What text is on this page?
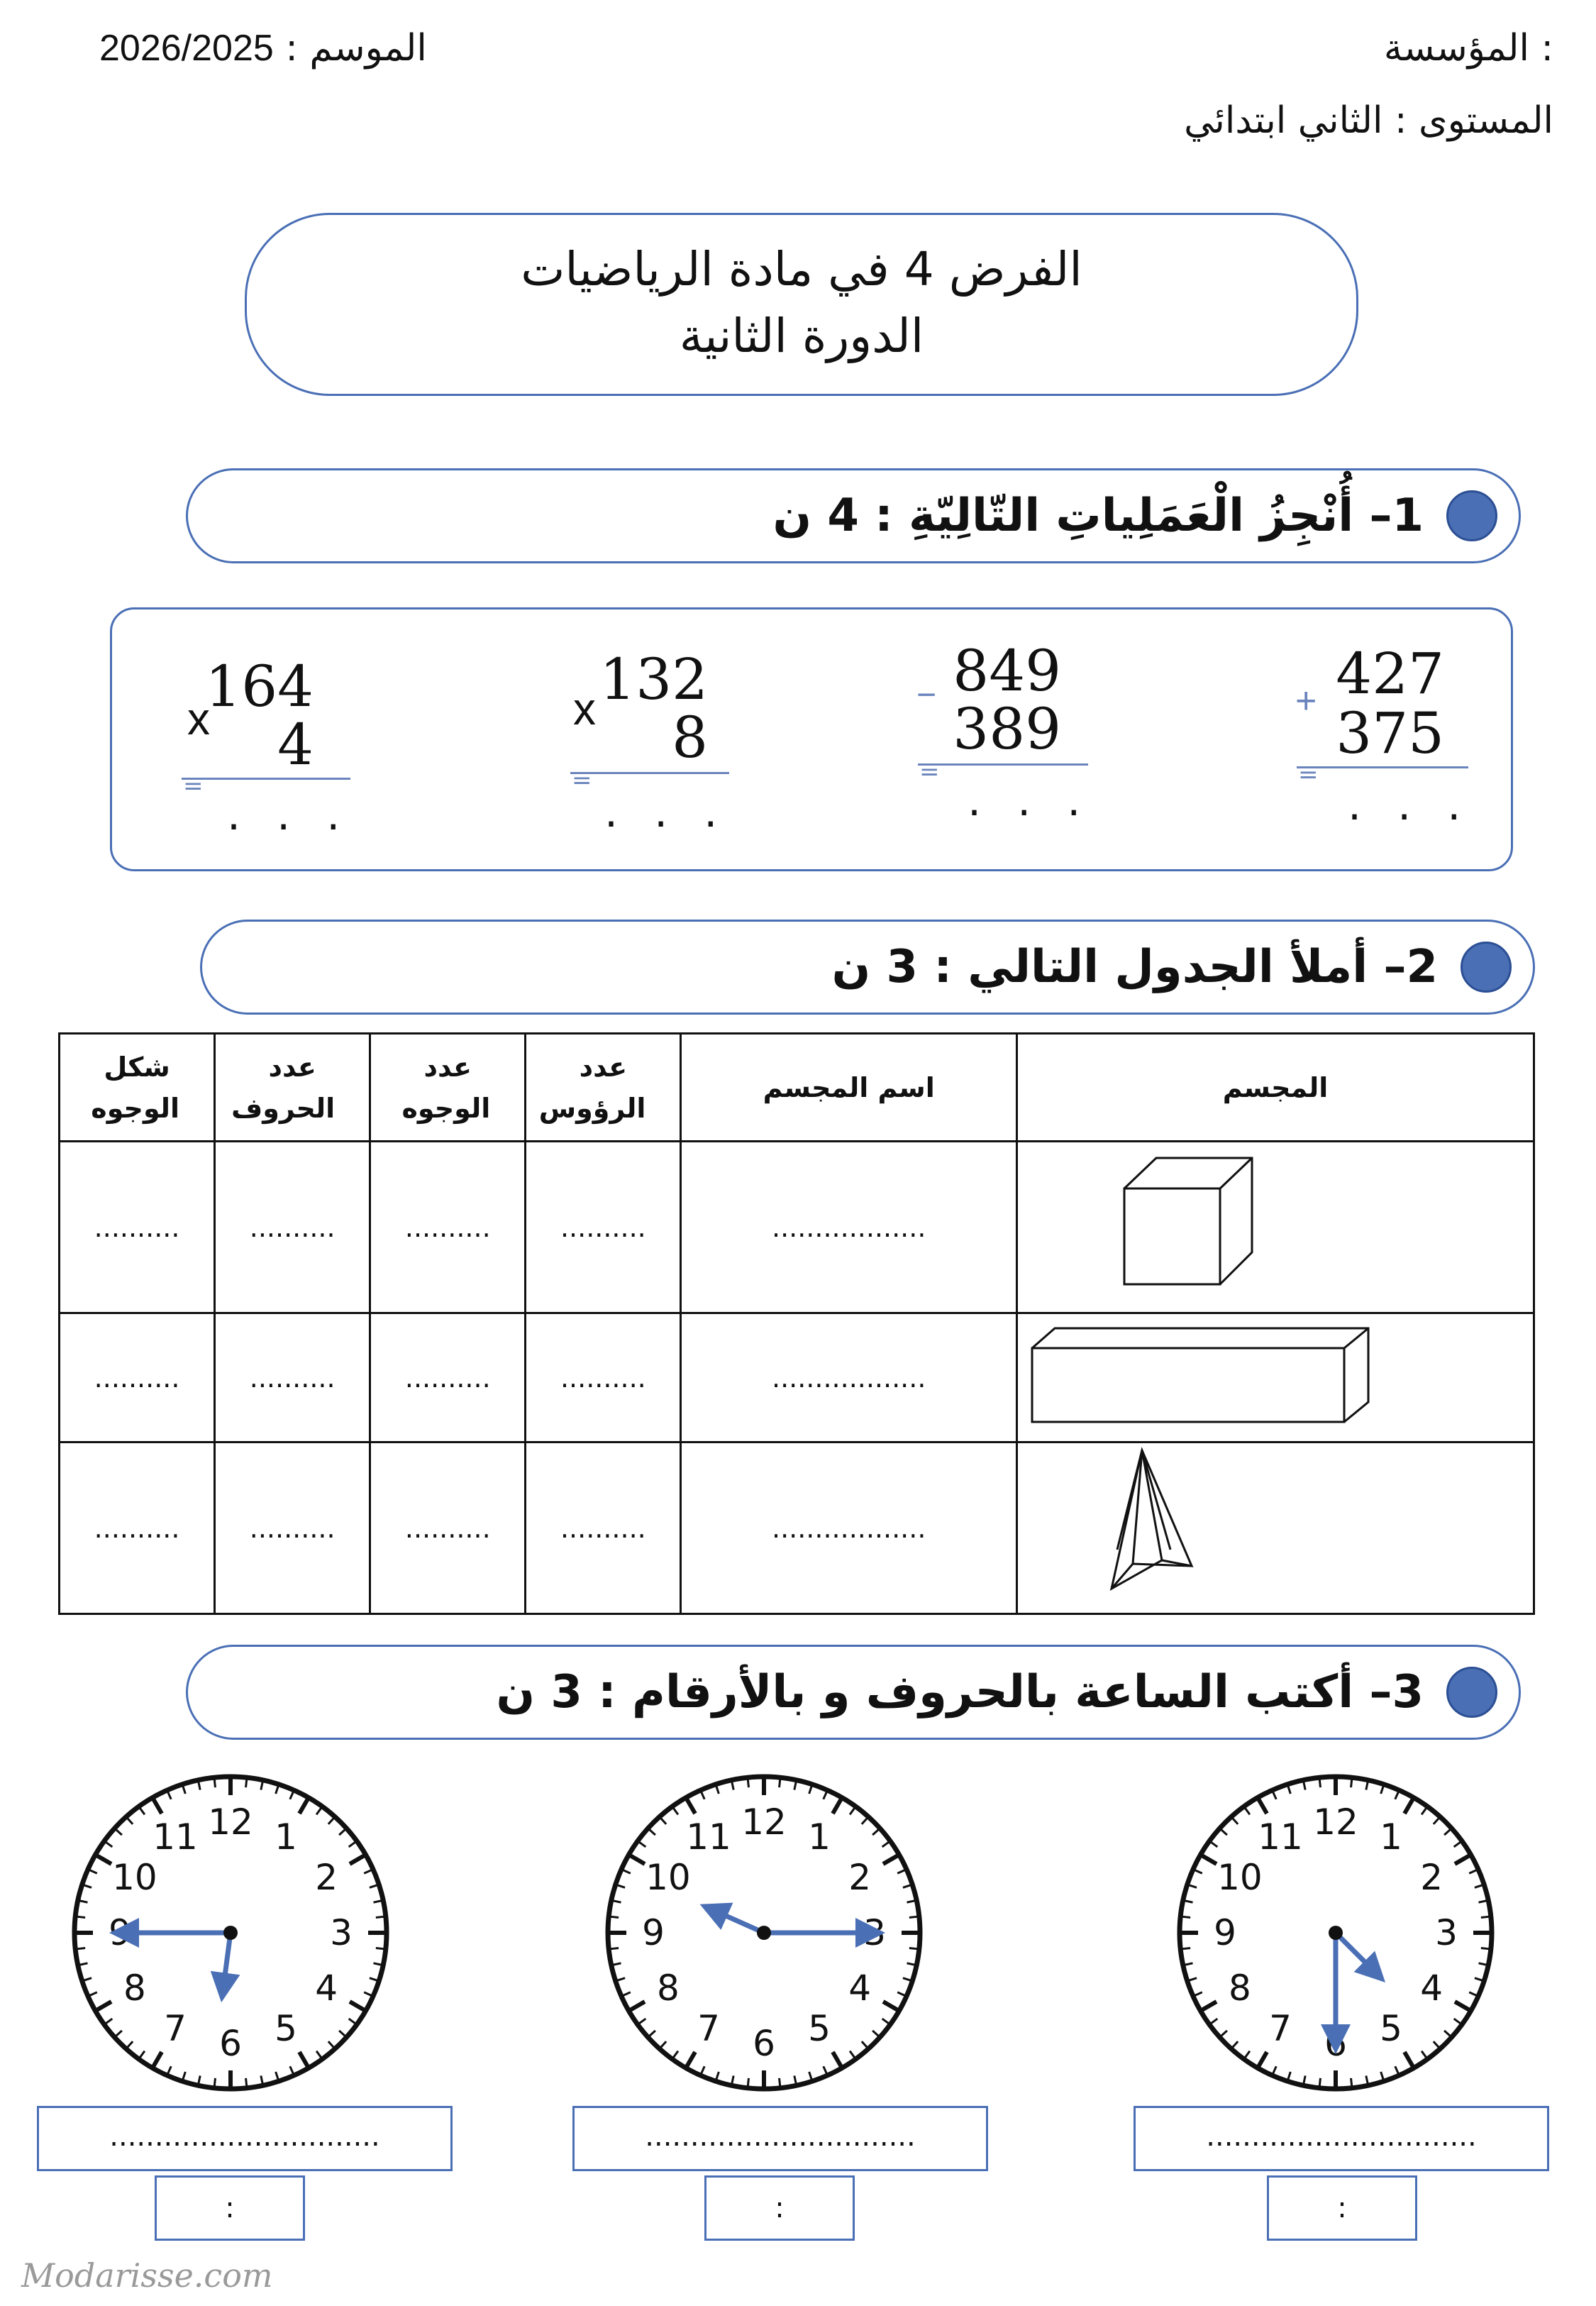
المؤسسة :
الموسم : 2026/2025
المستوى : الثاني ابتدائي
الفرض 4 في مادة الرياضيات
الدورة الثانية
– أُنْجِزُ الْعَمَلِياتِ التّالِيّةِ : 4 ن 1
427
375
+
=
. . .
849
389
−
=
. . .
132
8
x
=
. . .
164
4
x
=
. . .
– أملأ الجدول التالي : 3 ن 2
المجسم	اسم المجسم	عدد الرؤوس	عدد الوجوه	عدد الحروف	شكل الوجوه

	..................	..........	..........	..........	..........
	..................	..........	..........	..........	..........
	..................	..........	..........	..........	..........
– أكتب الساعة بالحروف و بالأرقام : 3 ن 3
12 1
2
3
4
5
6
7
8
9
10
11
12 1
2
3
4
5
6
7
8
9
10
11
12 1
2
3
4
5
6
7
8
9
10
11
..............................
:
..............................
:
..............................
:
Modarisse.com
